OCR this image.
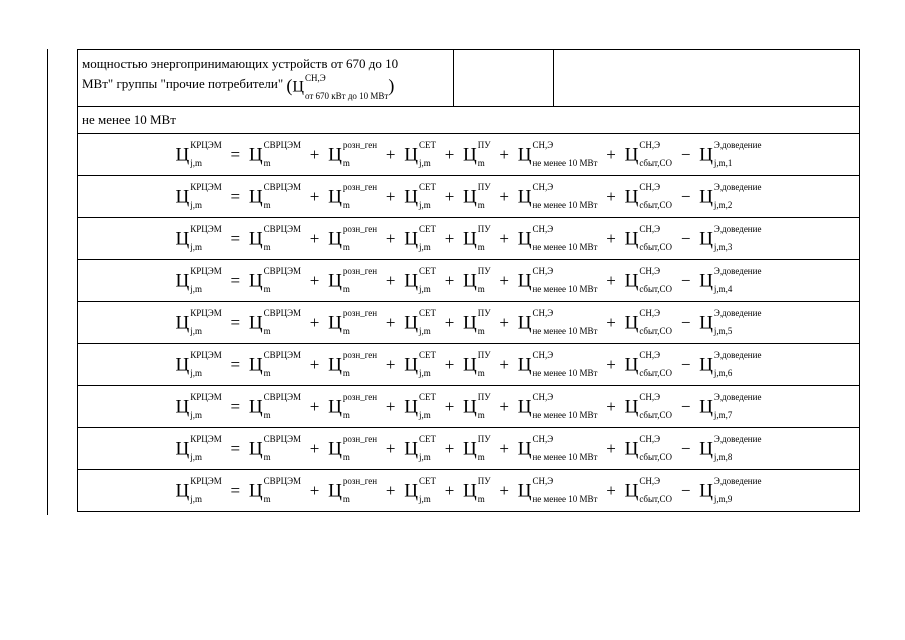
мощностью энергопринимающих устройств от 670 до 10
МВт" группы "прочие потребители" (Ц
СН,Э
от 670 кВт до 10 МВт
)		
не менее 10 МВт
Ц КРЦЭМ
j,m	= Ц СВРЦЭМ
m	+ Ц розн_ген
m	+ Ц СЕТ
j,m + Ц ПУ
m + Ц СН,Э
не менее 10 МВт + Ц СН,Э
сбыт,СО − Ц Э,доведение
j,m,1

Ц КРЦЭМ
j,m	= Ц СВРЦЭМ
m	+ Ц розн_ген
m	+ Ц СЕТ
j,m + Ц ПУ
m + Ц СН,Э
не менее 10 МВт + Ц СН,Э
сбыт,СО − Ц Э,доведение
j,m,2

Ц КРЦЭМ
j,m	= Ц СВРЦЭМ
m	+ Ц розн_ген
m	+ Ц СЕТ
j,m + Ц ПУ
m + Ц СН,Э
не менее 10 МВт + Ц СН,Э
сбыт,СО − Ц Э,доведение
j,m,3

Ц КРЦЭМ
j,m	= Ц СВРЦЭМ
m	+ Ц розн_ген
m	+ Ц СЕТ
j,m + Ц ПУ
m + Ц СН,Э
не менее 10 МВт + Ц СН,Э
сбыт,СО − Ц Э,доведение
j,m,4

Ц КРЦЭМ
j,m	= Ц СВРЦЭМ
m	+ Ц розн_ген
m	+ Ц СЕТ
j,m + Ц ПУ
m + Ц СН,Э
не менее 10 МВт + Ц СН,Э
сбыт,СО − Ц Э,доведение
j,m,5

Ц КРЦЭМ
j,m	= Ц СВРЦЭМ
m	+ Ц розн_ген
m	+ Ц СЕТ
j,m + Ц ПУ
m + Ц СН,Э
не менее 10 МВт + Ц СН,Э
сбыт,СО − Ц Э,доведение
j,m,6

Ц КРЦЭМ
j,m	= Ц СВРЦЭМ
m	+ Ц розн_ген
m	+ Ц СЕТ
j,m + Ц ПУ
m + Ц СН,Э
не менее 10 МВт + Ц СН,Э
сбыт,СО − Ц Э,доведение
j,m,7

Ц КРЦЭМ
j,m	= Ц СВРЦЭМ
m	+ Ц розн_ген
m	+ Ц СЕТ
j,m + Ц ПУ
m + Ц СН,Э
не менее 10 МВт + Ц СН,Э
сбыт,СО − Ц Э,доведение
j,m,8

Ц КРЦЭМ
j,m	= Ц СВРЦЭМ
m	+ Ц розн_ген
m	+ Ц СЕТ
j,m + Ц ПУ
m + Ц СН,Э
не менее 10 МВт + Ц СН,Э
сбыт,СО − Ц Э,доведение
j,m,9
